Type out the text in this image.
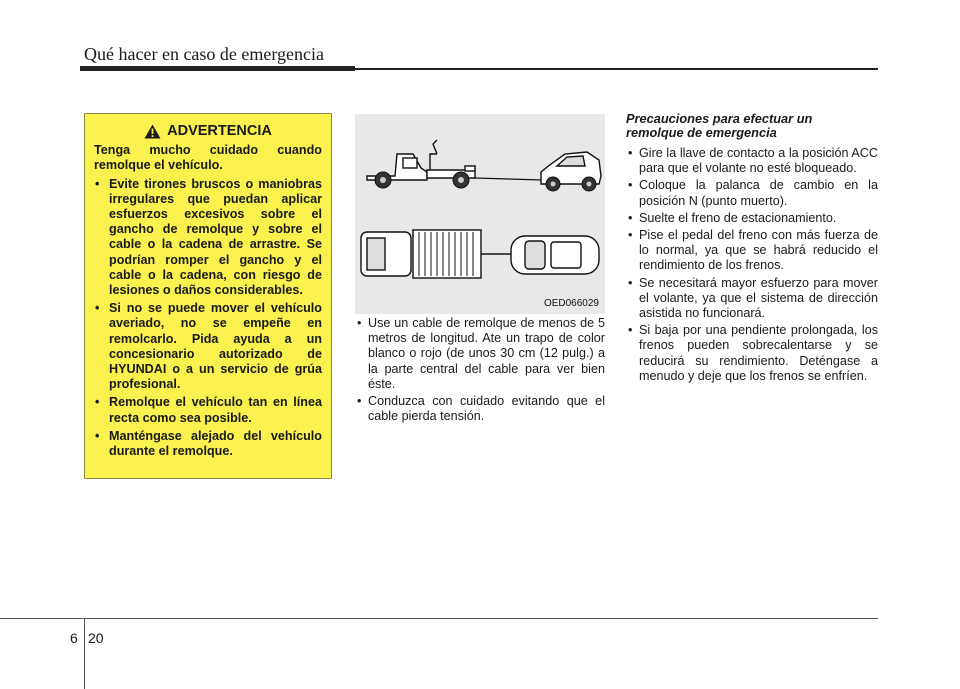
Qué hacer en caso de emergencia
ADVERTENCIA
Tenga mucho cuidado cuando remolque el vehículo.
• Evite tirones bruscos o maniobras irregulares que puedan aplicar esfuerzos excesivos sobre el gancho de remolque y sobre el cable o la cadena de arrastre. Se podrían romper el gancho y el cable o la cadena, con riesgo de lesiones o daños considerables.
• Si no se puede mover el vehículo averiado, no se empeñe en remolcarlo. Pida ayuda a un concesionario autorizado de HYUNDAI o a un servicio de grúa profesional.
• Remolque el vehículo tan en línea recta como sea posible.
• Manténgase alejado del vehículo durante el remolque.
OED066029
• Use un cable de remolque de menos de 5 metros de longitud. Ate un trapo de color blanco o rojo (de unos 30 cm (12 pulg.) a la parte central del cable para ver bien éste.
• Conduzca con cuidado evitando que el cable pierda tensión.
Precauciones para efectuar un remolque de emergencia
• Gire la llave de contacto a la posición ACC para que el volante no esté bloqueado.
• Coloque la palanca de cambio en la posición N (punto muerto).
• Suelte el freno de estacionamiento.
• Pise el pedal del freno con más fuerza de lo normal, ya que se habrá reducido el rendimiento de los frenos.
• Se necesitará mayor esfuerzo para mover el volante, ya que el sistema de dirección asistida no funcionará.
• Si baja por una pendiente prolongada, los frenos pueden sobrecalentarse y se reducirá su rendimiento. Deténgase a menudo y deje que los frenos se enfríen.
6 20
